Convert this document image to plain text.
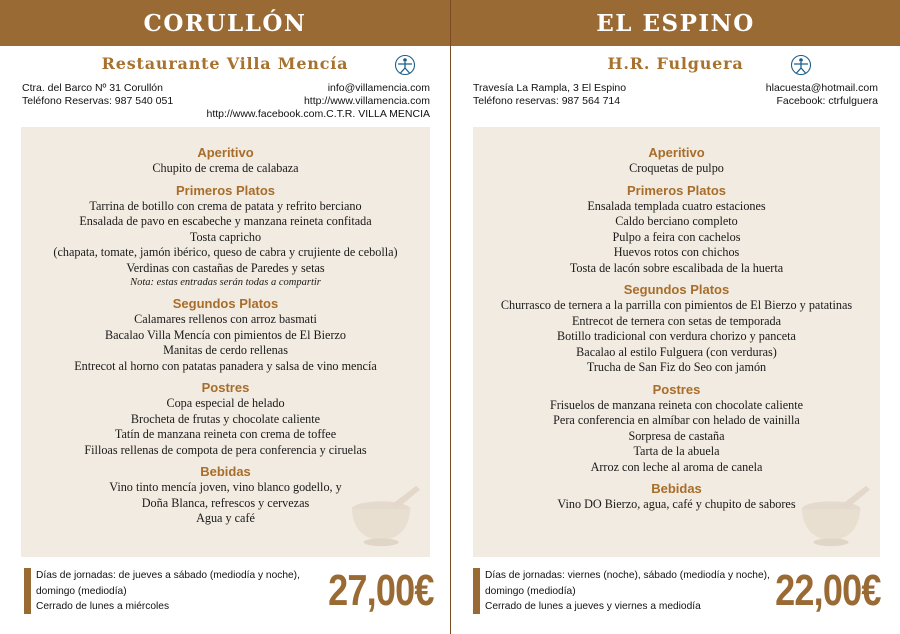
CORULLÓN
Restaurante Villa Mencía
Ctra. del Barco Nº 31 Corullón
Teléfono Reservas: 987 540 051
info@villamencia.com
http://www.villamencia.com
http://www.facebook.com.C.T.R. VILLA MENCIA
Aperitivo
Chupito de crema de calabaza
Primeros Platos
Tarrina de botillo con crema de patata y refrito berciano
Ensalada de pavo en escabeche y manzana reineta confitada
Tosta capricho
(chapata, tomate, jamón ibérico, queso de cabra y crujiente de cebolla)
Verdinas con castañas de Paredes y setas
Nota: estas entradas serán todas a compartir
Segundos Platos
Calamares rellenos con arroz basmati
Bacalao Villa Mencía con pimientos de El Bierzo
Manitas de cerdo rellenas
Entrecot al horno con patatas panadera y salsa de vino mencía
Postres
Copa especial de helado
Brocheta de frutas y chocolate caliente
Tatín de manzana reineta con crema de toffee
Filloas rellenas de compota de pera conferencia y ciruelas
Bebidas
Vino tinto mencía joven, vino blanco godello, y
Doña Blanca, refrescos y cervezas
Agua y café
Días de jornadas: de jueves a sábado (mediodía y noche),
domingo (mediodía)
Cerrado de lunes a miércoles	27,00€
EL ESPINO
H.R. Fulguera
Travesía La Rampla, 3 El Espino
Teléfono reservas: 987 564 714
hlacuesta@hotmail.com
Facebook: ctrfulguera
Aperitivo
Croquetas de pulpo
Primeros Platos
Ensalada templada cuatro estaciones
Caldo berciano completo
Pulpo a feira con cachelos
Huevos rotos con chichos
Tosta de lacón sobre escalibada de la huerta
Segundos Platos
Churrasco de ternera a la parrilla con pimientos de El Bierzo y patatinas
Entrecot de ternera con setas de temporada
Botillo tradicional con verdura chorizo y panceta
Bacalao al estilo Fulguera (con verduras)
Trucha de San Fiz do Seo con jamón
Postres
Frisuelos de manzana reineta con chocolate caliente
Pera conferencia en almíbar con helado de vainilla
Sorpresa de castaña
Tarta de la abuela
Arroz con leche al aroma de canela
Bebidas
Vino DO Bierzo, agua, café y chupito de sabores
Días de jornadas: viernes (noche), sábado (mediodía y noche),
domingo (mediodía)
Cerrado de lunes a jueves y viernes a mediodía	22,00€
